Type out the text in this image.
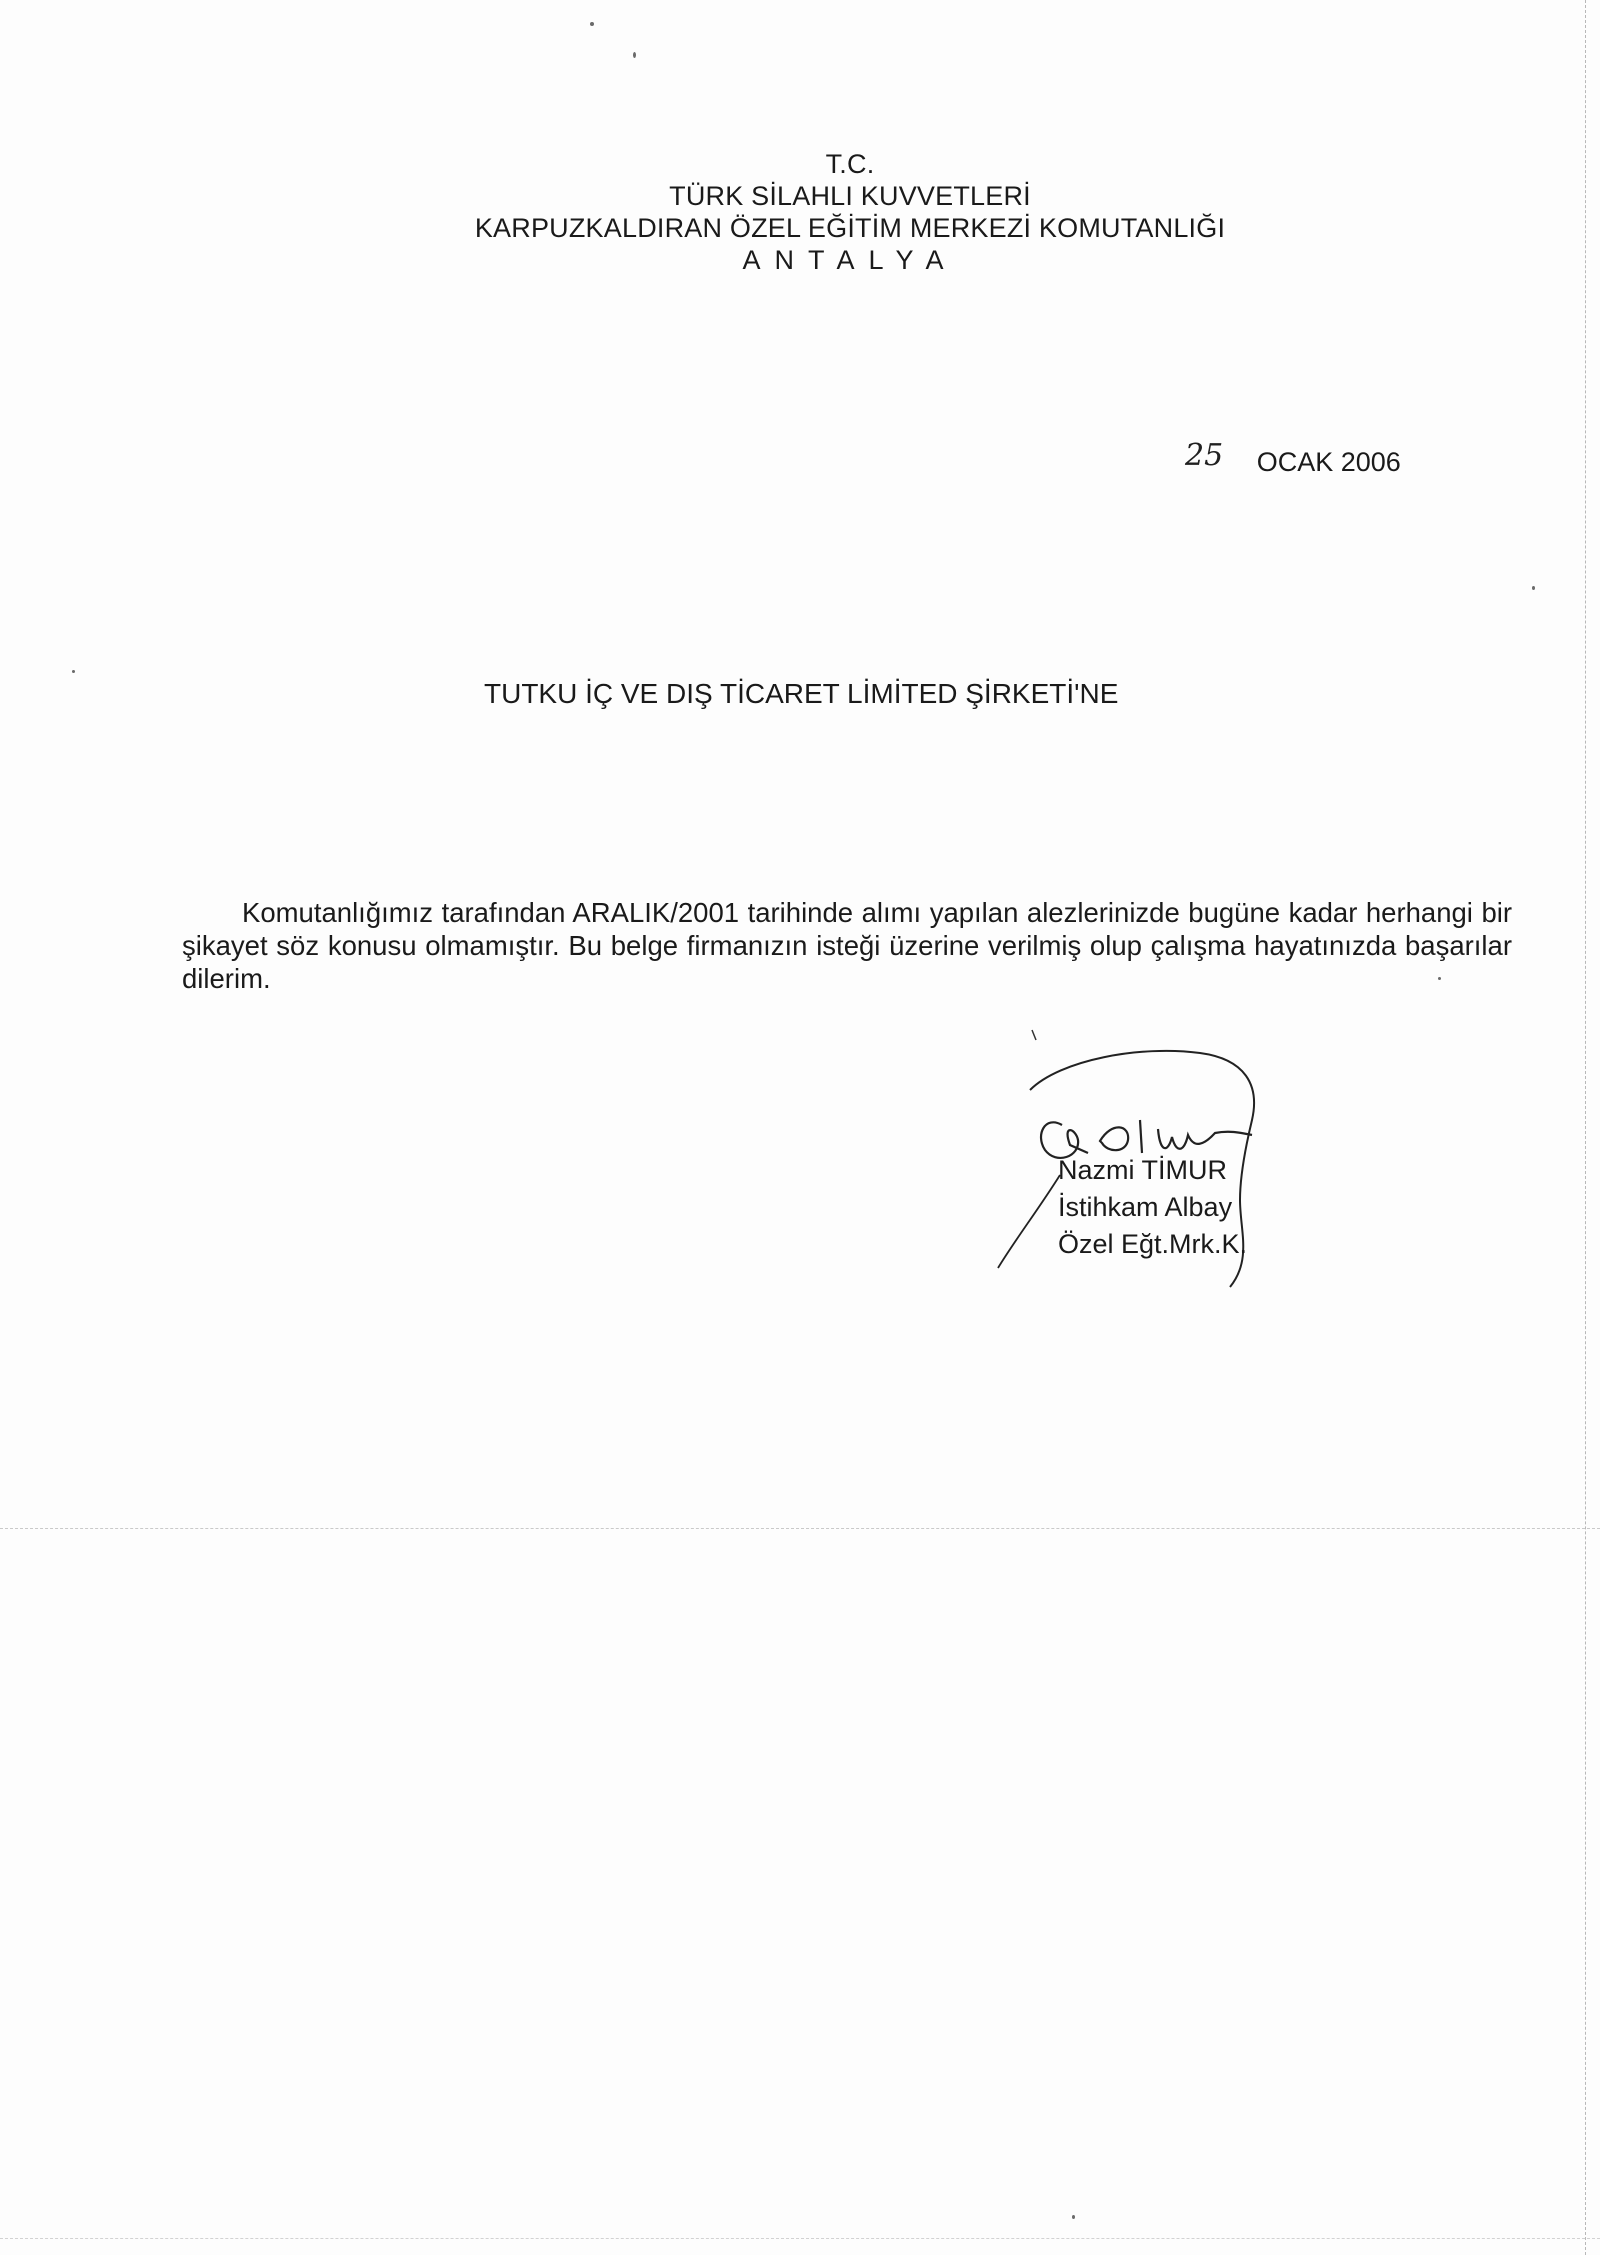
T.C.
TÜRK SİLAHLI KUVVETLERİ
KARPUZKALDIRAN ÖZEL EĞİTİM MERKEZİ KOMUTANLIĞI
ANTALYA
25 OCAK 2006
TUTKU İÇ VE DIŞ TİCARET LİMİTED ŞİRKETİ'NE

Komutanlığımız tarafından ARALIK/2001 tarihinde alımı yapılan alezlerinizde bugüne kadar herhangi bir şikayet söz konusu olmamıştır. Bu belge firmanızın isteği üzerine verilmiş olup çalışma hayatınızda başarılar dilerim.

Nazmi TİMUR
İstihkam Albay
Özel Eğt.Mrk.K.
